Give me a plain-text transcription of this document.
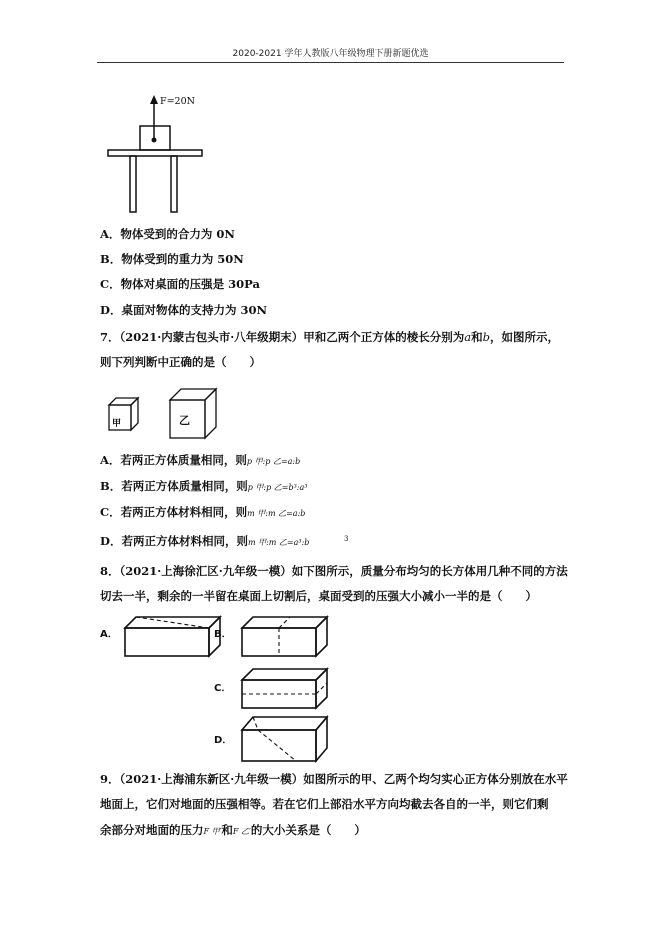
2020-2021 学年人教版八年级物理下册新题优选
F=20N
A．物体受到的合力为 0N
B．物体受到的重力为 50N
C．物体对桌面的压强是 30Pa
D．桌面对物体的支持力为 30N
7．（2021·内蒙古包头市·八年级期末）甲和乙两个正方体的棱长分别为a和b，如图所示，
则下列判断中正确的是（　　）
甲	乙
A．若两正方体质量相同，则p 甲:p 乙=a:b
B．若两正方体质量相同，则p 甲:p 乙=b³:a³
C．若两正方体材料相同，则m 甲:m 乙=a:b
D．若两正方体材料相同，则m 甲:m 乙=a³:b	3
8．（2021·上海徐汇区·九年级一模）如下图所示，质量分布均匀的长方体用几种不同的方法
切去一半，剩余的一半留在桌面上切割后，桌面受到的压强大小减小一半的是（　　）
A．	B．
C．
D．
9．（2021·上海浦东新区·九年级一模）如图所示的甲、乙两个均匀实心正方体分别放在水平
地面上，它们对地面的压强相等。若在它们上部沿水平方向均截去各自的一半，则它们剩
余部分对地面的压力F 甲′和F 乙′的大小关系是（　　）
